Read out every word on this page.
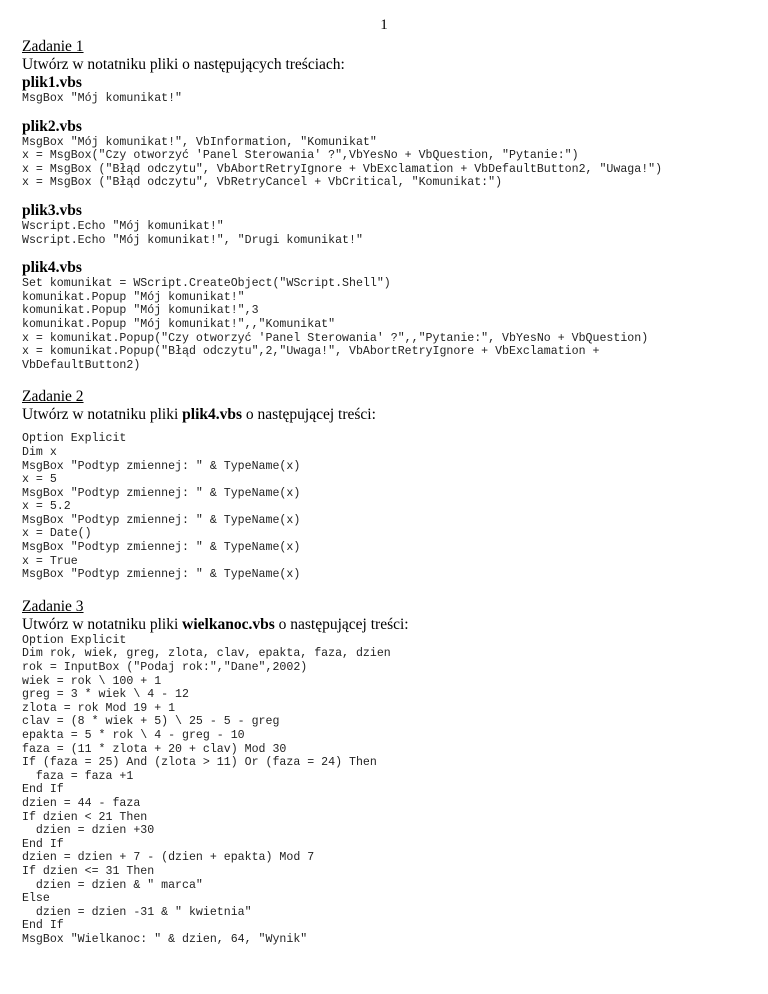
1
Zadanie 1
Utwórz w notatniku pliki o następujących treściach:
plik1.vbs
MsgBox "Mój komunikat!"
plik2.vbs
MsgBox "Mój komunikat!", VbInformation, "Komunikat"
x = MsgBox("Czy otworzyć 'Panel Sterowania' ?",VbYesNo + VbQuestion, "Pytanie:")
x = MsgBox ("Błąd odczytu", VbAbortRetryIgnore + VbExclamation + VbDefaultButton2, "Uwaga!")
x = MsgBox ("Błąd odczytu", VbRetryCancel + VbCritical, "Komunikat:")
plik3.vbs
Wscript.Echo "Mój komunikat!"
Wscript.Echo "Mój komunikat!", "Drugi komunikat!"
plik4.vbs
Set komunikat = WScript.CreateObject("WScript.Shell")
komunikat.Popup "Mój komunikat!"
komunikat.Popup "Mój komunikat!",3
komunikat.Popup "Mój komunikat!",,"Komunikat"
x = komunikat.Popup("Czy otworzyć 'Panel Sterowania' ?",,"Pytanie:", VbYesNo + VbQuestion)
x = komunikat.Popup("Błąd odczytu",2,"Uwaga!", VbAbortRetryIgnore + VbExclamation +
VbDefaultButton2)
Zadanie 2
Utwórz w notatniku pliki plik4.vbs o następującej treści:
Option Explicit
Dim x
MsgBox "Podtyp zmiennej: " & TypeName(x)
x = 5
MsgBox "Podtyp zmiennej: " & TypeName(x)
x = 5.2
MsgBox "Podtyp zmiennej: " & TypeName(x)
x = Date()
MsgBox "Podtyp zmiennej: " & TypeName(x)
x = True
MsgBox "Podtyp zmiennej: " & TypeName(x)
Zadanie 3
Utwórz w notatniku pliki wielkanoc.vbs o następującej treści:
Option Explicit
Dim rok, wiek, greg, zlota, clav, epakta, faza, dzien
rok = InputBox ("Podaj rok:","Dane",2002)
wiek = rok \ 100 + 1
greg = 3 * wiek \ 4 - 12
zlota = rok Mod 19 + 1
clav = (8 * wiek + 5) \ 25 - 5 - greg
epakta = 5 * rok \ 4 - greg - 10
faza = (11 * zlota + 20 + clav) Mod 30
If (faza = 25) And (zlota > 11) Or (faza = 24) Then
faza = faza +1
End If
dzien = 44 - faza
If dzien < 21 Then
dzien = dzien +30
End If
dzien = dzien + 7 - (dzien + epakta) Mod 7
If dzien <= 31 Then
dzien = dzien & " marca"
Else
dzien = dzien -31 & " kwietnia"
End If
MsgBox "Wielkanoc: " & dzien, 64, "Wynik"
